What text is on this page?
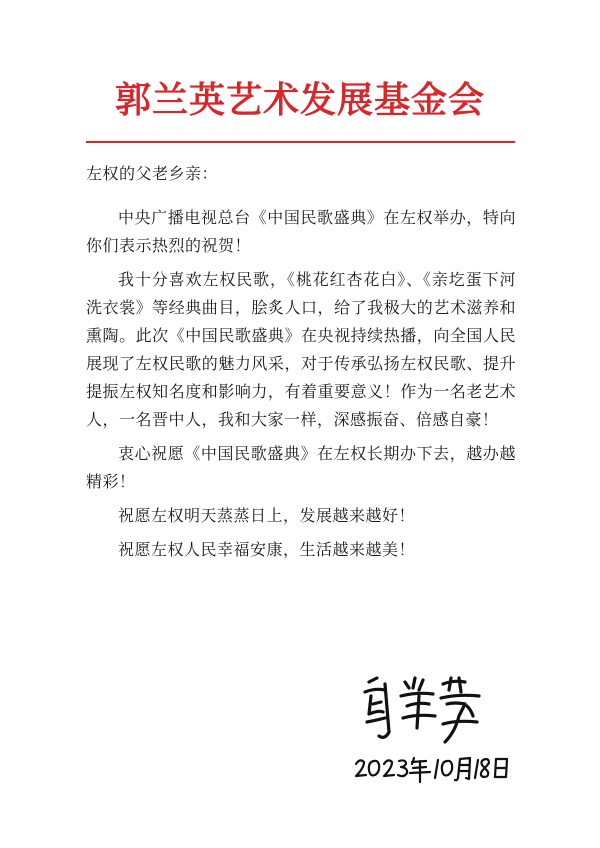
郭兰英艺术发展基金会

左权的父老乡亲：

中央广播电视总台《中国民歌盛典》在左权举办，特向你们表示热烈的祝贺！

我十分喜欢左权民歌，《桃花红杏花白》、《亲圪蛋下河洗衣裳》等经典曲目，脍炙人口，给了我极大的艺术滋养和熏陶。此次《中国民歌盛典》在央视持续热播，向全国人民展现了左权民歌的魅力风采，对于传承弘扬左权民歌、提升提振左权知名度和影响力，有着重要意义！作为一名老艺术人，一名晋中人，我和大家一样，深感振奋、倍感自豪！

衷心祝愿《中国民歌盛典》在左权长期办下去，越办越精彩！

祝愿左权明天蒸蒸日上，发展越来越好！

祝愿左权人民幸福安康，生活越来越美！
